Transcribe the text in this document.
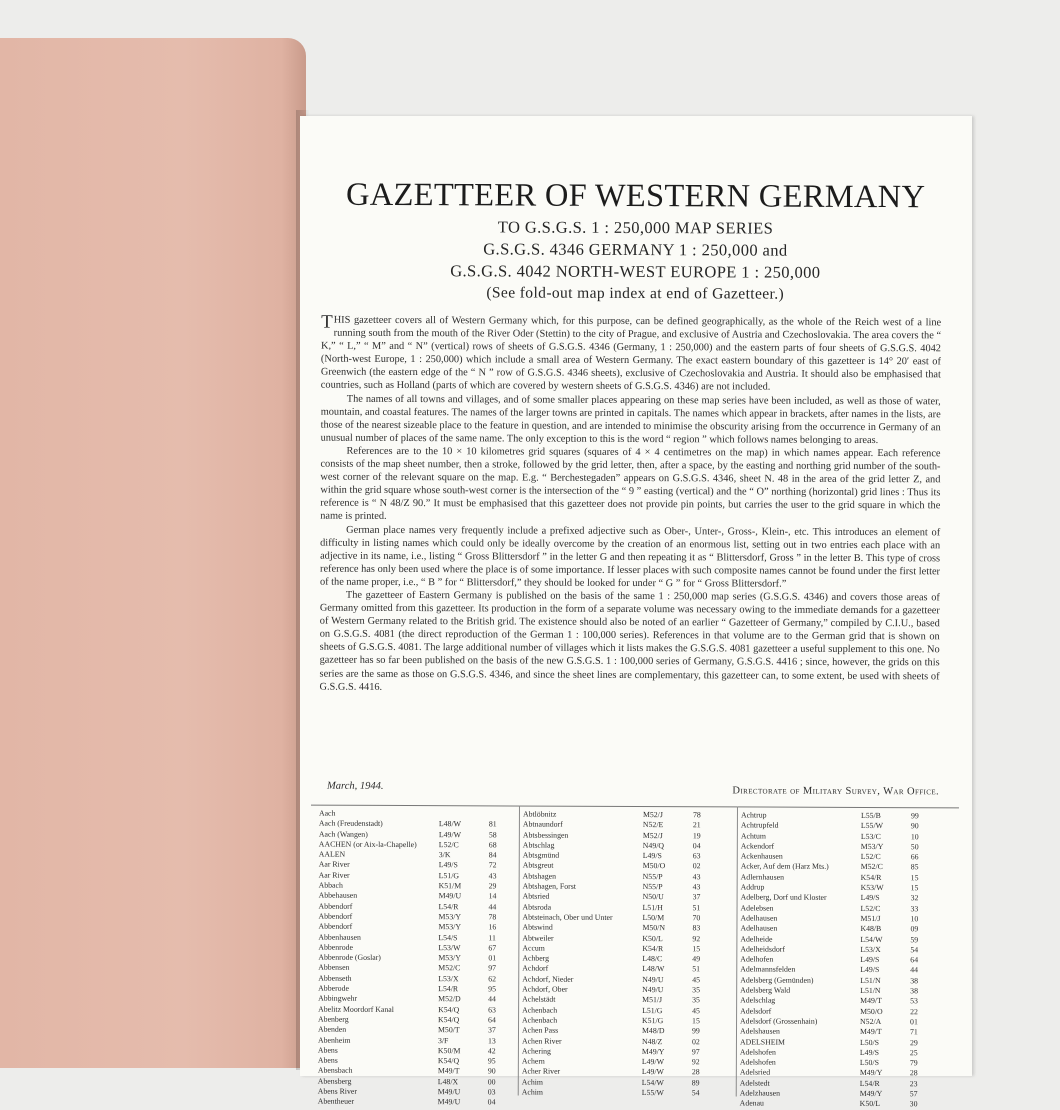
GAZETTEER OF WESTERN GERMANY
TO G.S.G.S. 1 : 250,000 MAP SERIES
G.S.G.S. 4346 GERMANY 1 : 250,000 and
G.S.G.S. 4042 NORTH-WEST EUROPE 1 : 250,000
(See fold-out map index at end of Gazetteer.)

THIS gazetteer covers all of Western Germany which, for this purpose, can be defined geographically, as the whole of the Reich west of a line running south from the mouth of the River Oder (Stettin) to the city of Prague, and exclusive of Austria and Czechoslovakia. The area covers the “ K,” “ L,” “ M” and “ N” (vertical) rows of sheets of G.S.G.S. 4346 (Germany, 1 : 250,000) and the eastern parts of four sheets of G.S.G.S. 4042 (North-west Europe, 1 : 250,000) which include a small area of Western Germany. The exact eastern boundary of this gazetteer is 14° 20′ east of Greenwich (the eastern edge of the “ N ” row of G.S.G.S. 4346 sheets), exclusive of Czechoslovakia and Austria. It should also be emphasised that countries, such as Holland (parts of which are covered by western sheets of G.S.G.S. 4346) are not included.

The names of all towns and villages, and of some smaller places appearing on these map series have been included, as well as those of water, mountain, and coastal features. The names of the larger towns are printed in capitals. The names which appear in brackets, after names in the lists, are those of the nearest sizeable place to the feature in question, and are intended to minimise the obscurity arising from the occurrence in Germany of an unusual number of places of the same name. The only exception to this is the word “ region ” which follows names belonging to areas.

References are to the 10 × 10 kilometres grid squares (squares of 4 × 4 centimetres on the map) in which names appear. Each reference consists of the map sheet number, then a stroke, followed by the grid letter, then, after a space, by the easting and northing grid number of the south-west corner of the relevant square on the map. E.g. “ Berchestegaden” appears on G.S.G.S. 4346, sheet N. 48 in the area of the grid letter Z, and within the grid square whose south-west corner is the intersection of the “ 9 ” easting (vertical) and the “ O” northing (horizontal) grid lines : Thus its reference is “ N 48/Z 90.” It must be emphasised that this gazetteer does not provide pin points, but carries the user to the grid square in which the name is printed.

German place names very frequently include a prefixed adjective such as Ober-, Unter-, Gross-, Klein-, etc. This introduces an element of difficulty in listing names which could only be ideally overcome by the creation of an enormous list, setting out in two entries each place with an adjective in its name, i.e., listing “ Gross Blittersdorf ” in the letter G and then repeating it as “ Blittersdorf, Gross ” in the letter B. This type of cross reference has only been used where the place is of some importance. If lesser places with such composite names cannot be found under the first letter of the name proper, i.e., “ B ” for “ Blittersdorf,” they should be looked for under “ G ” for “ Gross Blittersdorf.”

The gazetteer of Eastern Germany is published on the basis of the same 1 : 250,000 map series (G.S.G.S. 4346) and covers those areas of Germany omitted from this gazetteer. Its production in the form of a separate volume was necessary owing to the immediate demands for a gazetteer of Western Germany related to the British grid. The existence should also be noted of an earlier “ Gazetteer of Germany,” compiled by C.I.U., based on G.S.G.S. 4081 (the direct reproduction of the German 1 : 100,000 series). References in that volume are to the German grid that is shown on sheets of G.S.G.S. 4081. The large additional number of villages which it lists makes the G.S.G.S. 4081 gazetteer a useful supplement to this one. No gazetteer has so far been published on the basis of the new G.S.G.S. 1 : 100,000 series of Germany, G.S.G.S. 4416 ; since, however, the grids on this series are the same as those on G.S.G.S. 4346, and since the sheet lines are complementary, this gazetteer can, to some extent, be used with sheets of G.S.G.S. 4416.

March, 1944.	Directorate of Military Survey, War Office.
Aach
Aach (Freudenstadt)	L48/W	81
Aach (Wangen)	L49/W	58
AACHEN (or Aix-la-Chapelle)	L52/C	68
AALEN	3/K	84
Aar River	L49/S	72
Aar River	L51/G	43
Abbach	K51/M	29
Abbehausen	M49/U	14
Abbendorf	L54/R	44
Abbendorf	M53/Y	78
Abbendorf	M53/Y	16
Abbenhausen	L54/S	11
Abbenrode	L53/W	67
Abbenrode (Goslar)	M53/Y	01
Abbensen	M52/C	97
Abbenseth	L53/X	62
Abberode	L54/R	95
Abbingwehr	M52/D	44
Abelitz Moordorf Kanal	K54/Q	63
Abenberg	K54/Q	64
Abenden	M50/T	37
Abenheim	3/F	13
Abens	K50/M	42
Abens	K54/Q	95
Abensbach	M49/T	90
Abensberg	L48/X	00
Abens River	M49/U	03
Abentheuer	M49/U	04
Abtlöbnitz	M52/J	78
Abtnaundorf	N52/E	21
Abtsbessingen	M52/J	19
Abtschlag	N49/Q	04
Abtsgmünd	L49/S	63
Abtsgreut	M50/O	02
Abtshagen	N55/P	43
Abtshagen, Forst	N55/P	43
Abtsried	N50/U	37
Abtsroda	L51/H	51
Abtsteinach, Ober und Unter	L50/M	70
Abtswind	M50/N	83
Abtweiler	K50/L	92
Accum	K54/R	15
Achberg	L48/C	49
Achdorf	L48/W	51
Achdorf, Nieder	N49/U	45
Achdorf, Ober	N49/U	35
Achelstädt	M51/J	35
Achenbach	L51/G	45
Achenbach	K51/G	15
Achen Pass	M48/D	99
Achen River	N48/Z	02
Achering	M49/Y	97
Achern	L49/W	92
Acher River	L49/W	28
Achim	L54/W	89
Achim	L55/W	54
Achtrup	L55/B	99
Achtrupfeld	L55/W	90
Achtum	L53/C	10
Ackendorf	M53/Y	50
Ackenhausen	L52/C	66
Acker, Auf dem (Harz Mts.)	M52/C	85
Adlernhausen	K54/R	15
Addrup	K53/W	15
Adelberg, Dorf und Kloster	L49/S	32
Adelebsen	L52/C	33
Adelhausen	M51/J	10
Adelhausen	K48/B	09
Adelheide	L54/W	59
Adelheidsdorf	L53/X	54
Adelhofen	L49/S	64
Adelmannsfelden	L49/S	44
Adelsberg (Gemünden)	L51/N	38
Adelsberg Wald	L51/N	38
Adelschlag	M49/T	53
Adelsdorf	M50/O	22
Adelsdorf (Grossenhain)	N52/A	01
Adelshausen	M49/T	71
ADELSHEIM	L50/S	29
Adelshofen	L49/S	25
Adelshofen	L50/S	79
Adelsried	M49/Y	28
Adelstedt	L54/R	23
Adelzhausen	M49/Y	57
Adenau	K50/L	30
